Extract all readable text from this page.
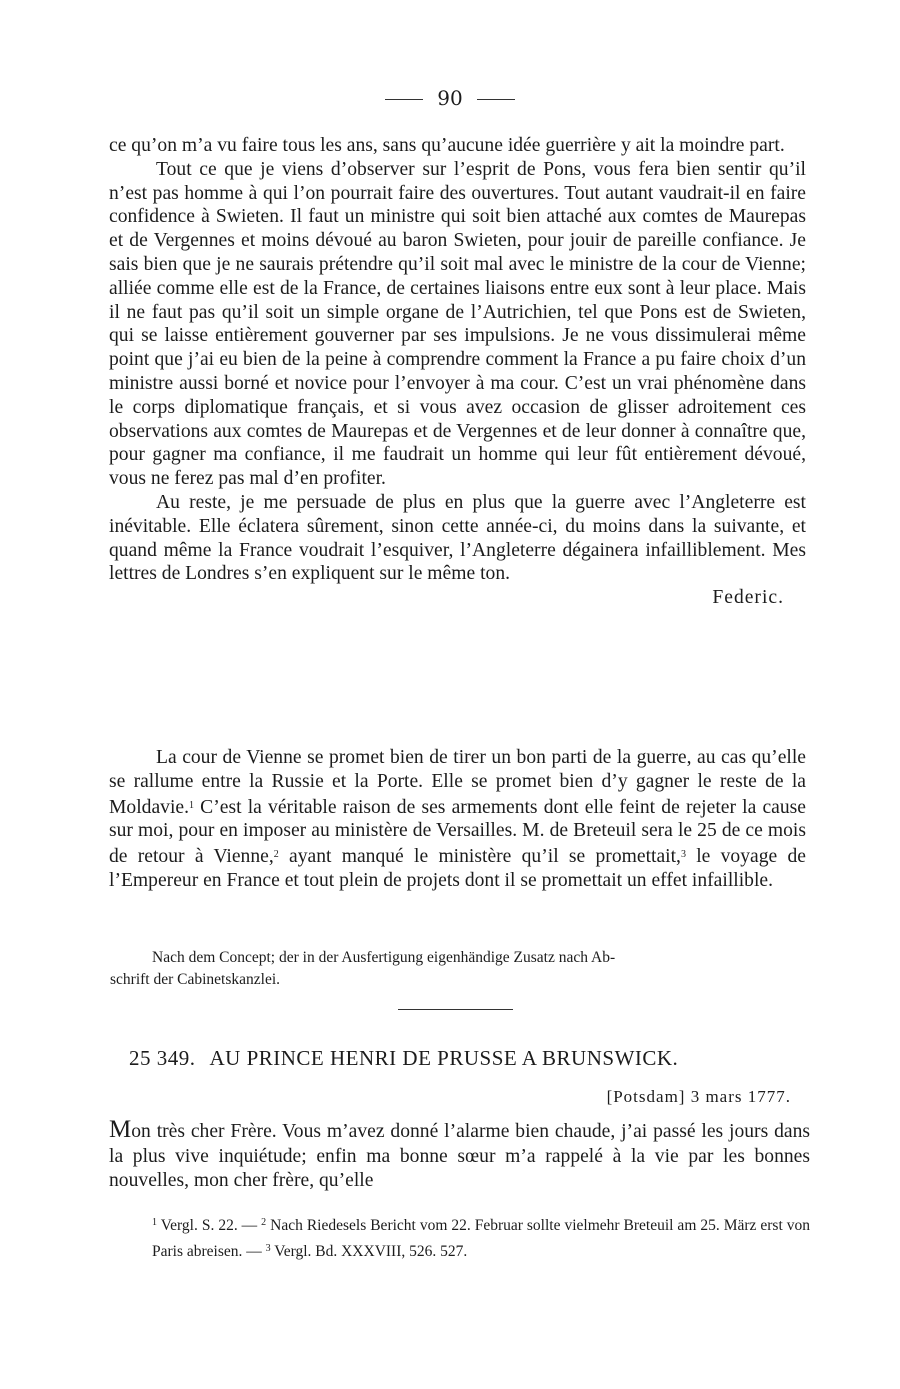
90

ce qu’on m’a vu faire tous les ans, sans qu’aucune idée guerrière y ait la moindre part.

Tout ce que je viens d’observer sur l’esprit de Pons, vous fera bien sentir qu’il n’est pas homme à qui l’on pourrait faire des ouvertures. Tout autant vaudrait-il en faire confidence à Swieten. Il faut un ministre qui soit bien attaché aux comtes de Maurepas et de Vergennes et moins dévoué au baron Swieten, pour jouir de pareille confiance. Je sais bien que je ne saurais prétendre qu’il soit mal avec le ministre de la cour de Vienne; alliée comme elle est de la France, de certaines liaisons entre eux sont à leur place. Mais il ne faut pas qu’il soit un simple organe de l’Autrichien, tel que Pons est de Swieten, qui se laisse entièrement gouverner par ses impulsions. Je ne vous dissimulerai même point que j’ai eu bien de la peine à comprendre comment la France a pu faire choix d’un ministre aussi borné et novice pour l’envoyer à ma cour. C’est un vrai phénomène dans le corps diplomatique français, et si vous avez occasion de glisser adroitement ces observations aux comtes de Maurepas et de Vergennes et de leur donner à connaître que, pour gagner ma confiance, il me faudrait un homme qui leur fût entièrement dévoué, vous ne ferez pas mal d’en profiter.

Au reste, je me persuade de plus en plus que la guerre avec l’Angleterre est inévitable. Elle éclatera sûrement, sinon cette année-ci, du moins dans la suivante, et quand même la France voudrait l’esquiver, l’Angleterre dégainera infailliblement. Mes lettres de Londres s’en expliquent sur le même ton.

Federic.

La cour de Vienne se promet bien de tirer un bon parti de la guerre, au cas qu’elle se rallume entre la Russie et la Porte. Elle se promet bien d’y gagner le reste de la Moldavie.$^1$ C’est la véritable raison de ses armements dont elle feint de rejeter la cause sur moi, pour en imposer au ministère de Versailles. M. de Breteuil sera le 25 de ce mois de retour à Vienne,$^2$ ayant manqué le ministère qu’il se promettait,$^3$ le voyage de l’Empereur en France et tout plein de projets dont il se promettait un effet infaillible.

Nach dem Concept; der in der Ausfertigung eigenhändige Zusatz nach Ab-
schrift der Cabinetskanzlei.
25 349. AU PRINCE HENRI DE PRUSSE A BRUNSWICK.
[Potsdam] 3 mars 1777.
Mon très cher Frère. Vous m’avez donné l’alarme bien chaude, j’ai passé les jours dans la plus vive inquiétude; enfin ma bonne sœur m’a rappelé à la vie par les bonnes nouvelles, mon cher frère, qu’elle
$^1$ Vergl. S. 22. — $^2$ Nach Riedesels Bericht vom 22. Februar sollte vielmehr Breteuil am 25. März erst von Paris abreisen. — $^3$ Vergl. Bd. XXXVIII, 526. 527.
